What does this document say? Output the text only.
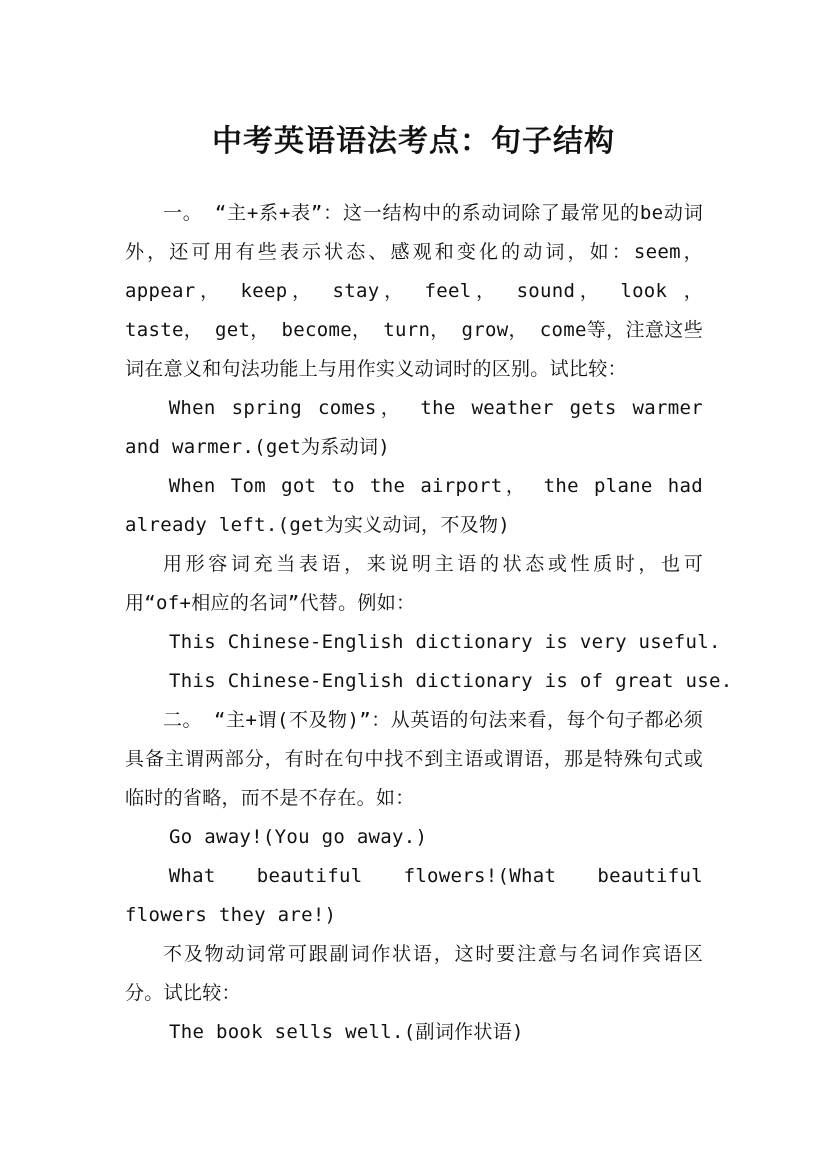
中考英语语法考点：句子结构

一。 “主+系+表”：这一结构中的系动词除了最常见的be动词外，还可用有些表示状态、感观和变化的动词，如：seem， appear， keep， stay， feel， sound， look ，taste， get， become， turn， grow， come等，注意这些词在意义和句法功能上与用作实义动词时的区别。试比较：

When spring comes， the weather gets warmer and warmer.(get为系动词)

When Tom got to the airport， the plane had already left.(get为实义动词，不及物)

用形容词充当表语，来说明主语的状态或性质时，也可用“of+相应的名词”代替。例如：

This Chinese-English dictionary is very useful.

This Chinese-English dictionary is of great use.

二。 “主+谓(不及物)”：从英语的句法来看，每个句子都必须具备主谓两部分，有时在句中找不到主语或谓语，那是特殊句式或临时的省略，而不是不存在。如：

Go away!(You go away.)

What beautiful flowers!(What beautiful flowers they are!)

不及物动词常可跟副词作状语，这时要注意与名词作宾语区分。试比较：

The book sells well.(副词作状语)
